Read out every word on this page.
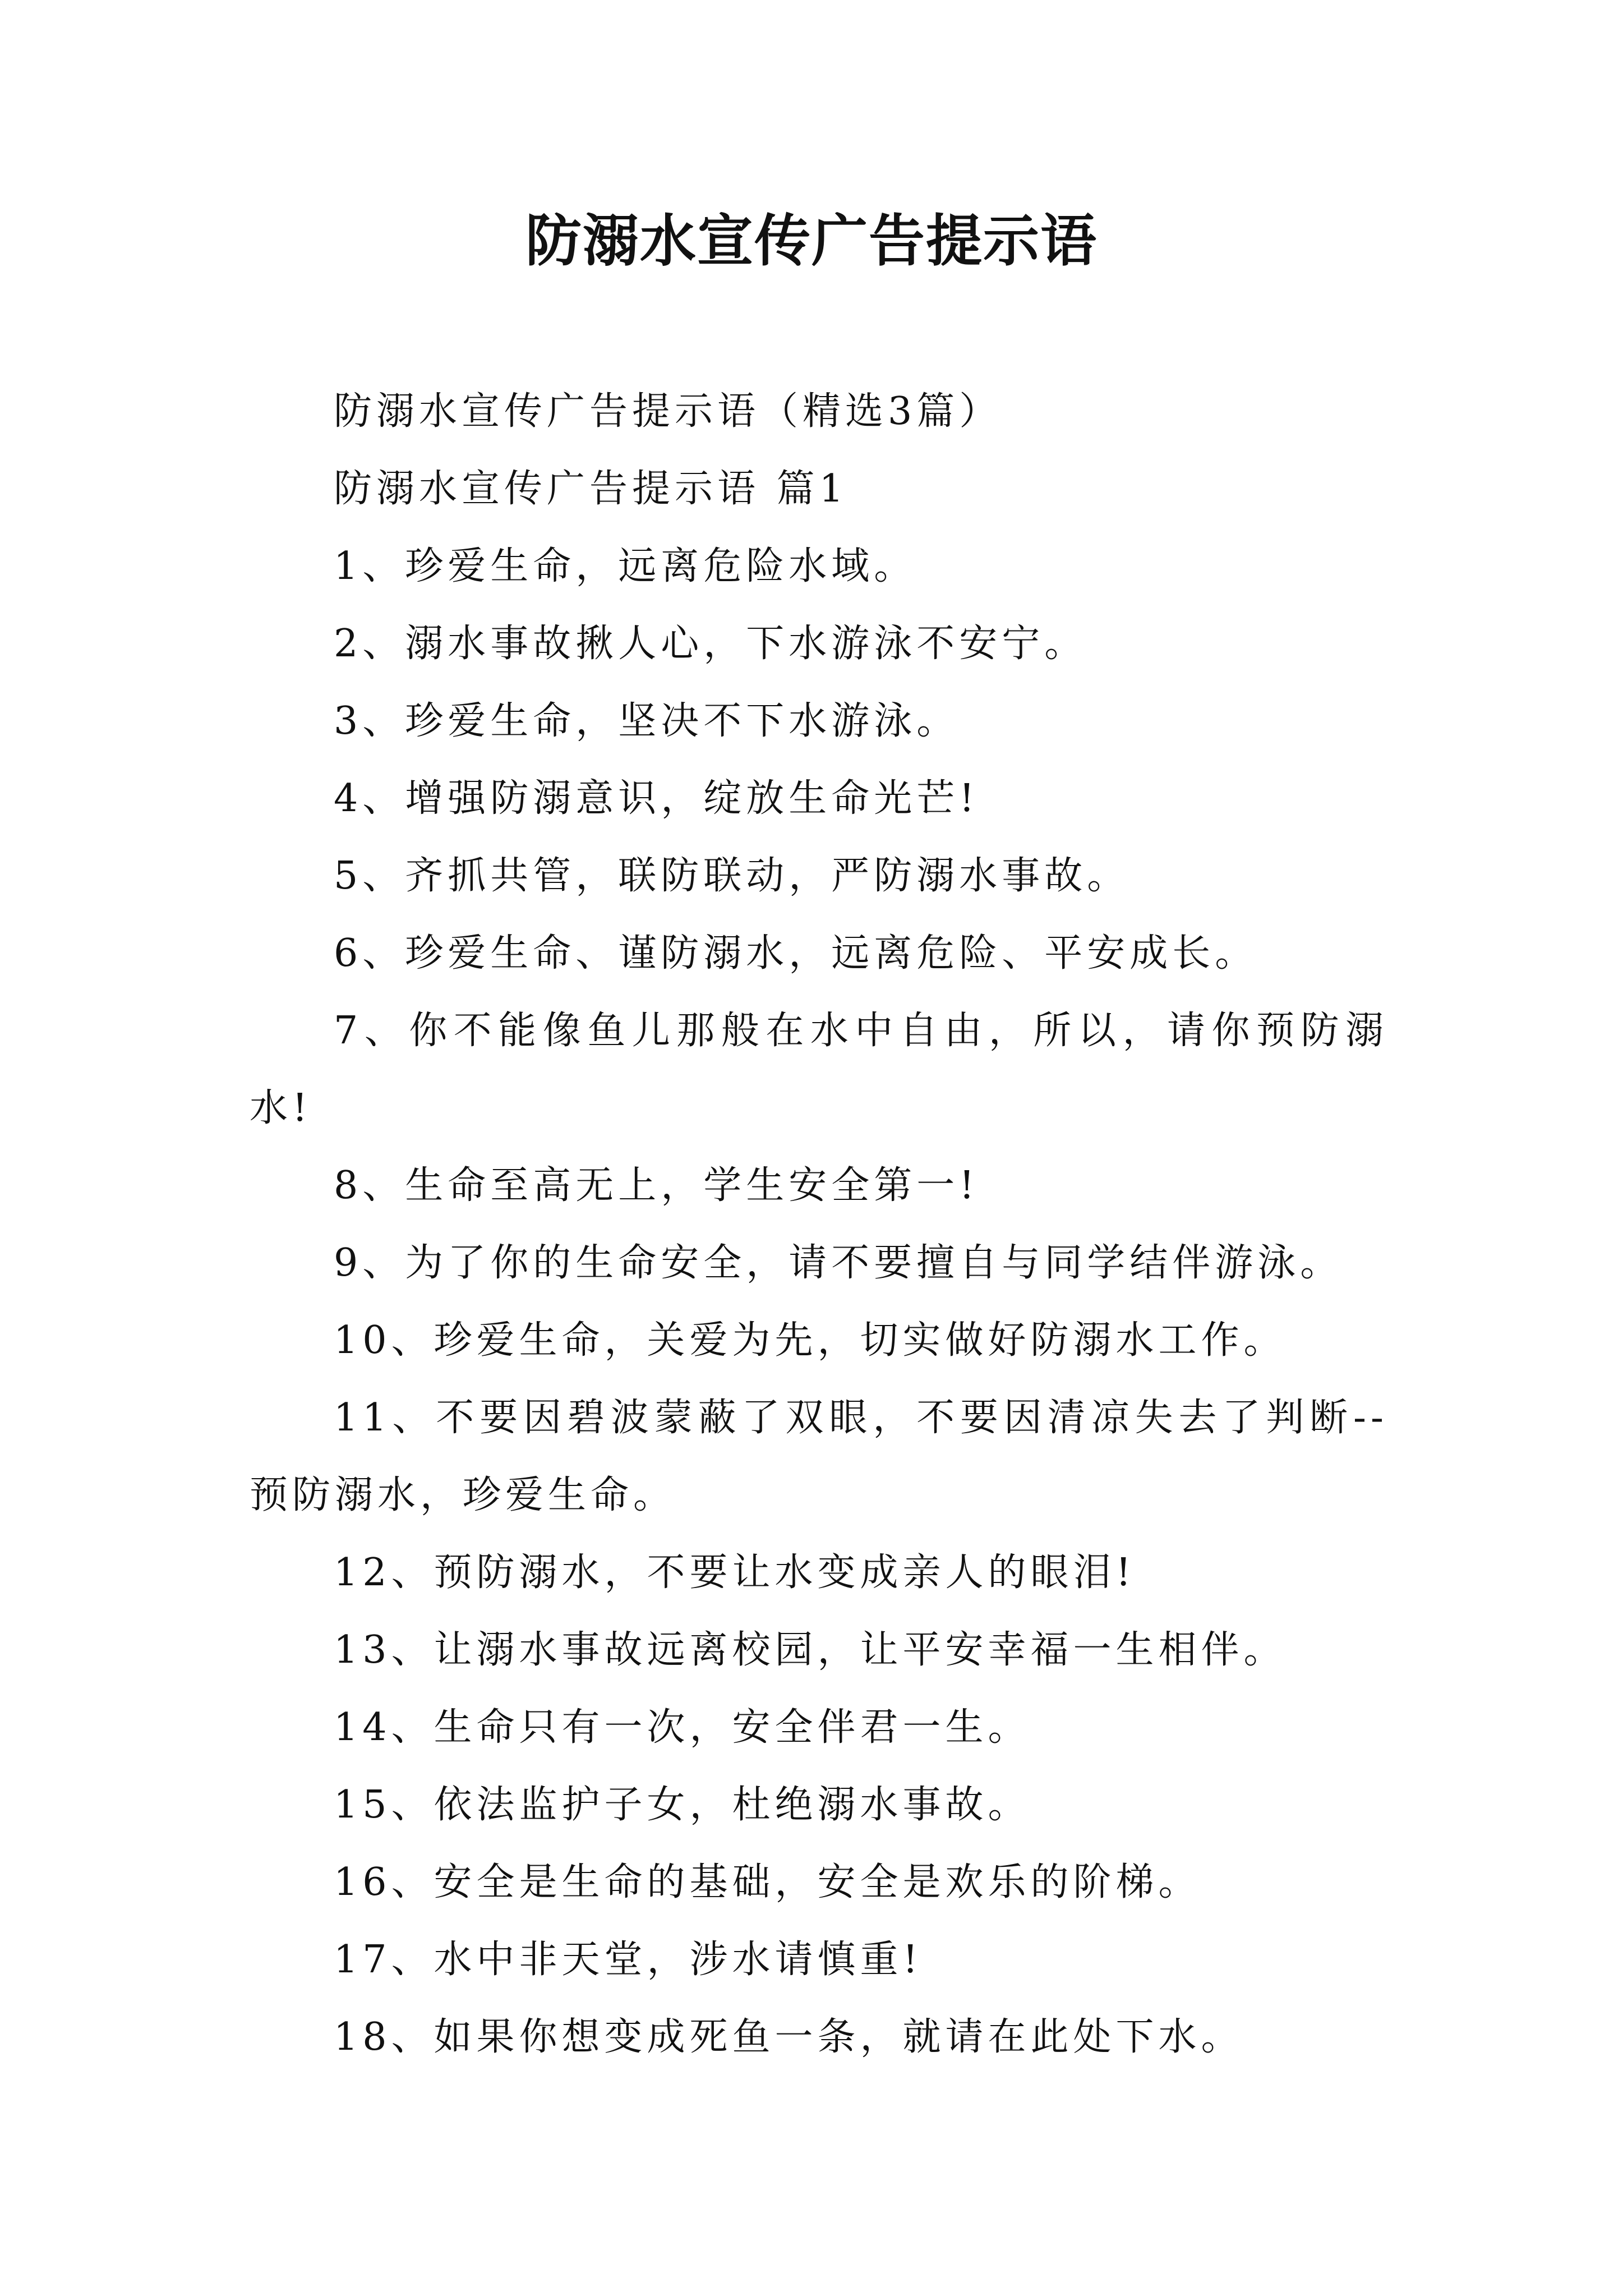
防溺水宣传广告提示语

防溺水宣传广告提示语（精选3篇）

防溺水宣传广告提示语 篇1

1、珍爱生命，远离危险水域。

2、溺水事故揪人心，下水游泳不安宁。

3、珍爱生命，坚决不下水游泳。

4、增强防溺意识，绽放生命光芒!

5、齐抓共管，联防联动，严防溺水事故。

6、珍爱生命、谨防溺水，远离危险、平安成长。

7、你不能像鱼儿那般在水中自由，所以，请你预防溺水!

8、生命至高无上，学生安全第一!

9、为了你的生命安全，请不要擅自与同学结伴游泳。

10、珍爱生命，关爱为先，切实做好防溺水工作。

11、不要因碧波蒙蔽了双眼，不要因清凉失去了判断--预防溺水，珍爱生命。

12、预防溺水，不要让水变成亲人的眼泪!

13、让溺水事故远离校园，让平安幸福一生相伴。

14、生命只有一次，安全伴君一生。

15、依法监护子女，杜绝溺水事故。

16、安全是生命的基础，安全是欢乐的阶梯。

17、水中非天堂，涉水请慎重!

18、如果你想变成死鱼一条，就请在此处下水。
